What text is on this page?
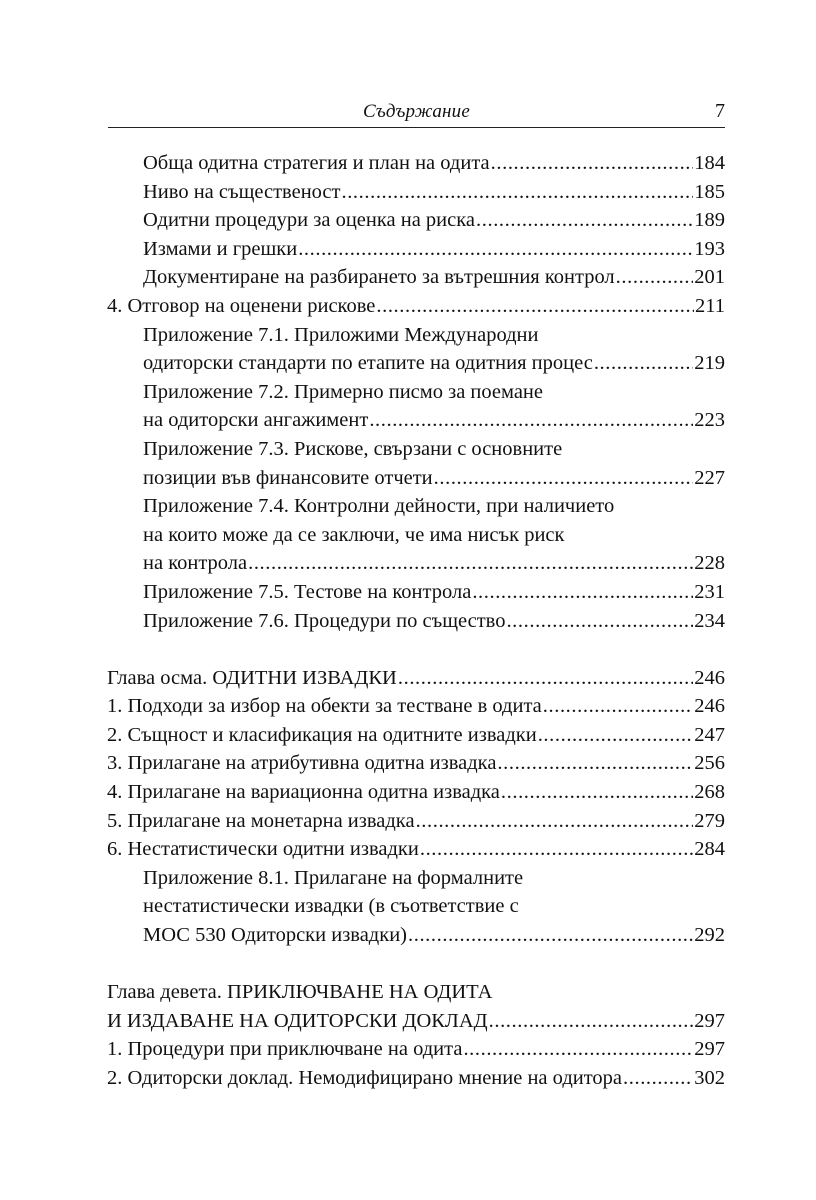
Съдържание	7
Обща одитна стратегия и план на одита .....	184
Ниво на същественост .....	185
Одитни процедури за оценка на риска .....	189
Измами и грешки .....	193
Документиране на разбирането за вътрешния контрол .....	201
4. Отговор на оценени рискове .....	211
Приложение 7.1. Приложими Международни
одиторски стандарти по етапите на одитния процес .....	219
Приложение 7.2. Примерно писмо за поемане
на одиторски ангажимент .....	223
Приложение 7.3. Рискове, свързани с основните
позиции във финансовите отчети .....	227
Приложение 7.4. Контролни дейности, при наличието
на които може да се заключи, че има нисък риск
на контрола .....	228
Приложение 7.5. Тестове на контрола .....	231
Приложение 7.6. Процедури по същество .....	234
Глава осма. ОДИТНИ ИЗВАДКИ .....	246
1. Подходи за избор на обекти за тестване в одита .....	246
2. Същност и класификация на одитните извадки .....	247
3. Прилагане на атрибутивна одитна извадка .....	256
4. Прилагане на вариационна одитна извадка .....	268
5. Прилагане на монетарна извадка .....	279
6. Нестатистически одитни извадки .....	284
Приложение 8.1. Прилагане на формалните
нестатистически извадки (в съответствие с
МОС 530 Одиторски извадки) .....	292
Глава девета. ПРИКЛЮЧВАНЕ НА ОДИТА
И ИЗДАВАНЕ НА ОДИТОРСКИ ДОКЛАД .....	297
1. Процедури при приключване на одита .....	297
2. Одиторски доклад. Немодифицирано мнение на одитора .....	302
